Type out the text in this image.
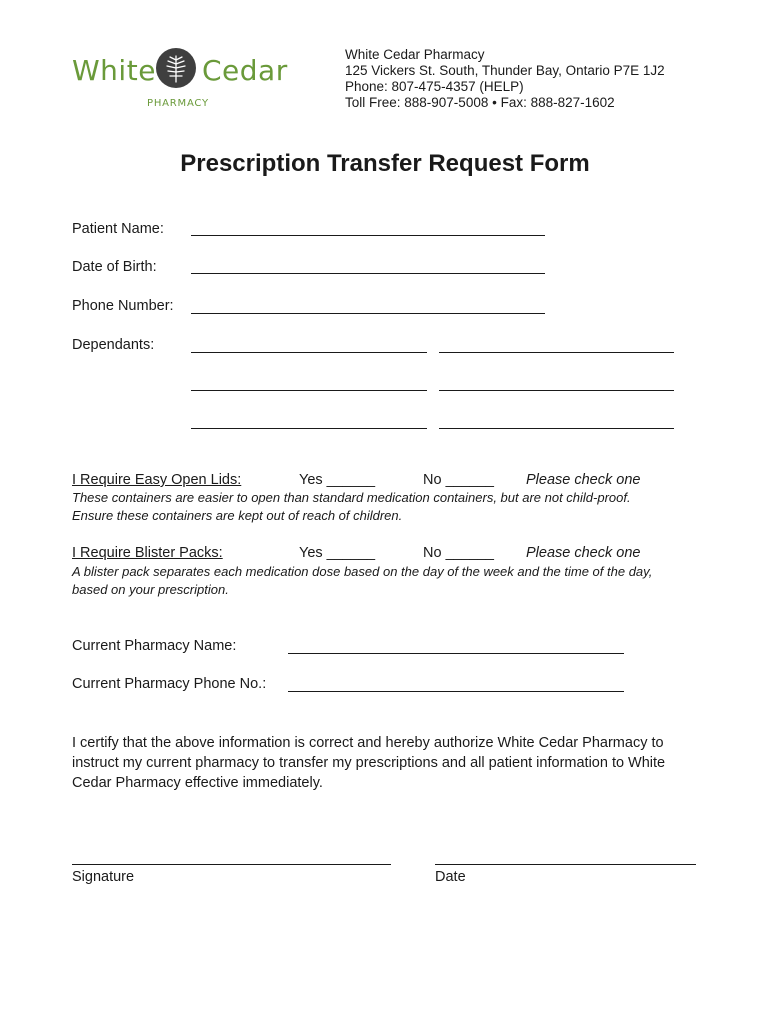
White Cedar
PHARMACY
White Cedar Pharmacy
125 Vickers St. South, Thunder Bay, Ontario P7E 1J2
Phone: 807-475-4357 (HELP)
Toll Free: 888-907-5008 • Fax: 888-827-1602
Prescription Transfer Request Form
Patient Name:
Date of Birth:
Phone Number:
Dependants:
I Require Easy Open Lids:	Yes ______	No ______ Please check one
These containers are easier to open than standard medication containers, but are not child-proof.
Ensure these containers are kept out of reach of children.
I Require Blister Packs:	Yes ______	No ______ Please check one
A blister pack separates each medication dose based on the day of the week and the time of the day,
based on your prescription.
Current Pharmacy Name:
Current Pharmacy Phone No.:
I certify that the above information is correct and hereby authorize White Cedar Pharmacy to
instruct my current pharmacy to transfer my prescriptions and all patient information to White
Cedar Pharmacy effective immediately.
Signature	Date
